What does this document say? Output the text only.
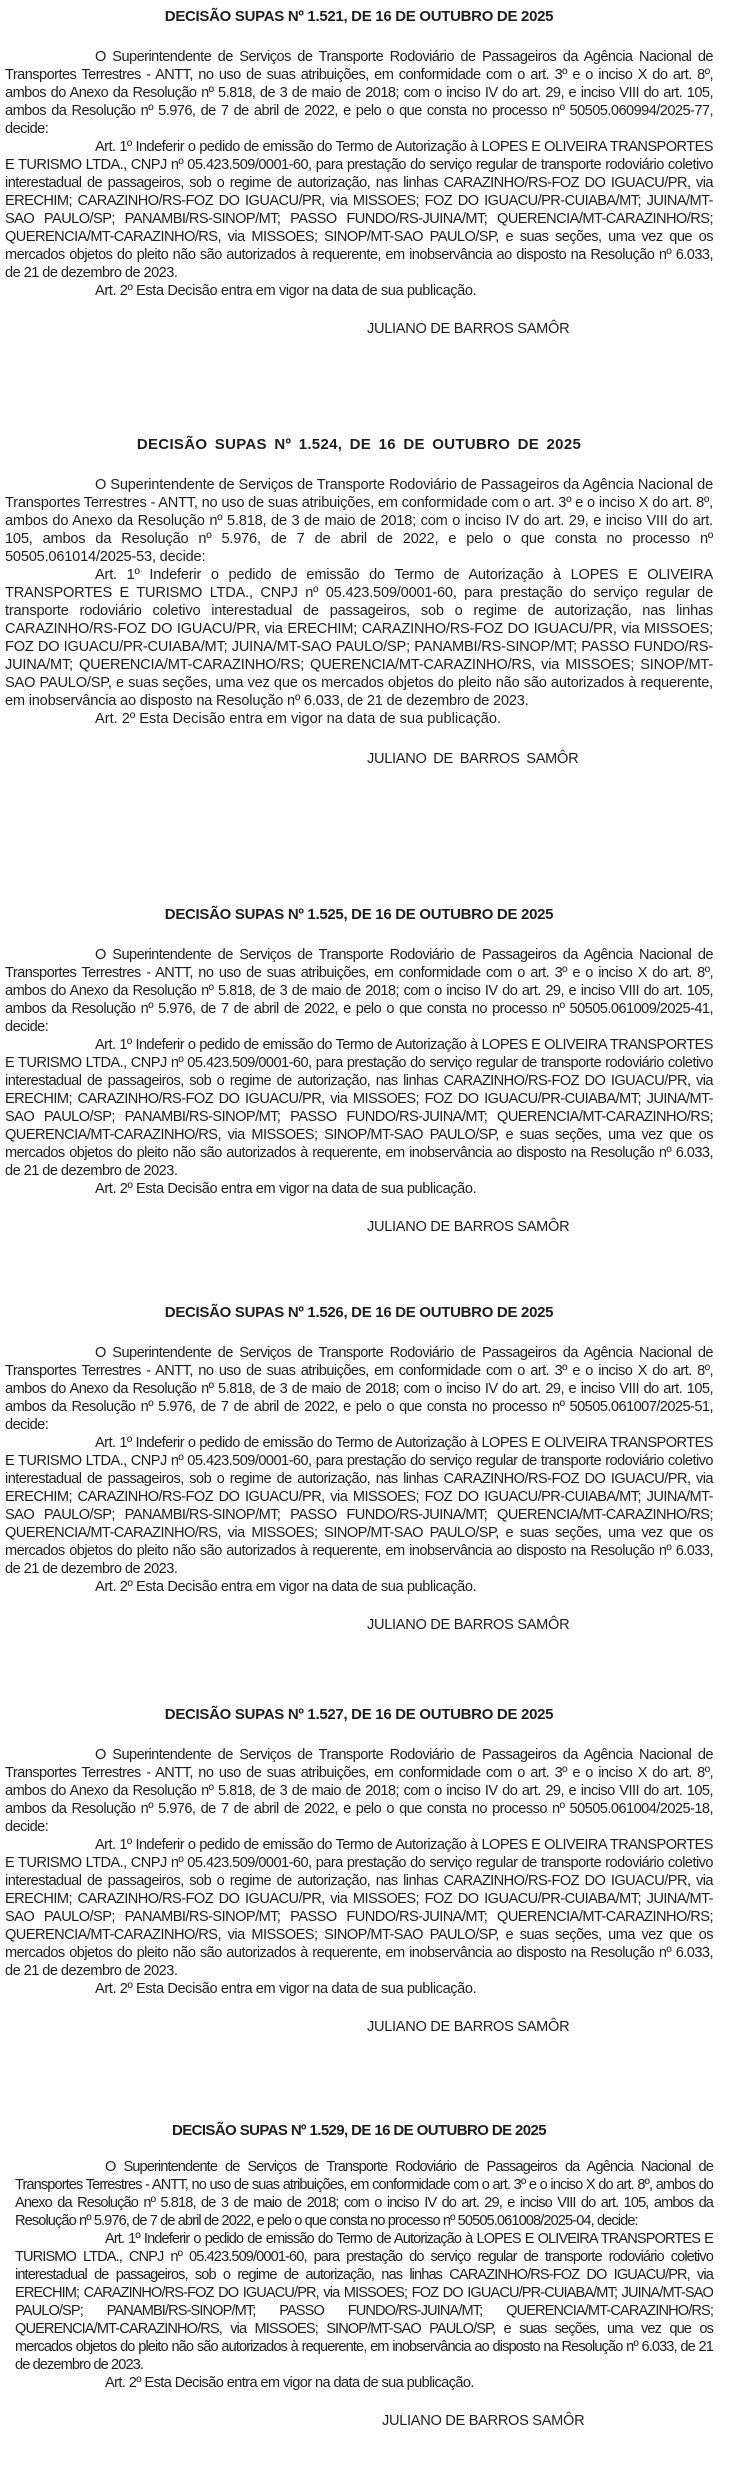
DECISÃO SUPAS Nº 1.521, DE 16 DE OUTUBRO DE 2025

O Superintendente de Serviços de Transporte Rodoviário de Passageiros da Agência Nacional de Transportes Terrestres - ANTT, no uso de suas atribuições, em conformidade com o art. 3º e o inciso X do art. 8º, ambos do Anexo da Resolução nº 5.818, de 3 de maio de 2018; com o inciso IV do art. 29, e inciso VIII do art. 105, ambos da Resolução nº 5.976, de 7 de abril de 2022, e pelo o que consta no processo nº 50505.060994/2025-77, decide:

Art. 1º Indeferir o pedido de emissão do Termo de Autorização à LOPES E OLIVEIRA TRANSPORTES E TURISMO LTDA., CNPJ nº 05.423.509/0001-60, para prestação do serviço regular de transporte rodoviário coletivo interestadual de passageiros, sob o regime de autorização, nas linhas CARAZINHO/RS-FOZ DO IGUACU/PR, via ERECHIM; CARAZINHO/RS-FOZ DO IGUACU/PR, via MISSOES; FOZ DO IGUACU/PR-CUIABA/MT; JUINA/MT-SAO PAULO/SP; PANAMBI/RS-SINOP/MT; PASSO FUNDO/RS-JUINA/MT; QUERENCIA/MT-CARAZINHO/RS; QUERENCIA/MT-CARAZINHO/RS, via MISSOES; SINOP/MT-SAO PAULO/SP, e suas seções, uma vez que os mercados objetos do pleito não são autorizados à requerente, em inobservância ao disposto na Resolução nº 6.033, de 21 de dezembro de 2023.

Art. 2º Esta Decisão entra em vigor na data de sua publicação.

JULIANO DE BARROS SAMÔR

DECISÃO SUPAS Nº 1.524, DE 16 DE OUTUBRO DE 2025

O Superintendente de Serviços de Transporte Rodoviário de Passageiros da Agência Nacional de Transportes Terrestres - ANTT, no uso de suas atribuições, em conformidade com o art. 3º e o inciso X do art. 8º, ambos do Anexo da Resolução nº 5.818, de 3 de maio de 2018; com o inciso IV do art. 29, e inciso VIII do art. 105, ambos da Resolução nº 5.976, de 7 de abril de 2022, e pelo o que consta no processo nº 50505.061014/2025-53, decide:

Art. 1º Indeferir o pedido de emissão do Termo de Autorização à LOPES E OLIVEIRA TRANSPORTES E TURISMO LTDA., CNPJ nº 05.423.509/0001-60, para prestação do serviço regular de transporte rodoviário coletivo interestadual de passageiros, sob o regime de autorização, nas linhas CARAZINHO/RS-FOZ DO IGUACU/PR, via ERECHIM; CARAZINHO/RS-FOZ DO IGUACU/PR, via MISSOES; FOZ DO IGUACU/PR-CUIABA/MT; JUINA/MT-SAO PAULO/SP; PANAMBI/RS-SINOP/MT; PASSO FUNDO/RS-JUINA/MT; QUERENCIA/MT-CARAZINHO/RS; QUERENCIA/MT-CARAZINHO/RS, via MISSOES; SINOP/MT-SAO PAULO/SP, e suas seções, uma vez que os mercados objetos do pleito não são autorizados à requerente, em inobservância ao disposto na Resolução nº 6.033, de 21 de dezembro de 2023.

Art. 2º Esta Decisão entra em vigor na data de sua publicação.

JULIANO DE BARROS SAMÔR

DECISÃO SUPAS Nº 1.525, DE 16 DE OUTUBRO DE 2025

O Superintendente de Serviços de Transporte Rodoviário de Passageiros da Agência Nacional de Transportes Terrestres - ANTT, no uso de suas atribuições, em conformidade com o art. 3º e o inciso X do art. 8º, ambos do Anexo da Resolução nº 5.818, de 3 de maio de 2018; com o inciso IV do art. 29, e inciso VIII do art. 105, ambos da Resolução nº 5.976, de 7 de abril de 2022, e pelo o que consta no processo nº 50505.061009/2025-41, decide:

Art. 1º Indeferir o pedido de emissão do Termo de Autorização à LOPES E OLIVEIRA TRANSPORTES E TURISMO LTDA., CNPJ nº 05.423.509/0001-60, para prestação do serviço regular de transporte rodoviário coletivo interestadual de passageiros, sob o regime de autorização, nas linhas CARAZINHO/RS-FOZ DO IGUACU/PR, via ERECHIM; CARAZINHO/RS-FOZ DO IGUACU/PR, via MISSOES; FOZ DO IGUACU/PR-CUIABA/MT; JUINA/MT-SAO PAULO/SP; PANAMBI/RS-SINOP/MT; PASSO FUNDO/RS-JUINA/MT; QUERENCIA/MT-CARAZINHO/RS; QUERENCIA/MT-CARAZINHO/RS, via MISSOES; SINOP/MT-SAO PAULO/SP, e suas seções, uma vez que os mercados objetos do pleito não são autorizados à requerente, em inobservância ao disposto na Resolução nº 6.033, de 21 de dezembro de 2023.

Art. 2º Esta Decisão entra em vigor na data de sua publicação.

JULIANO DE BARROS SAMÔR

DECISÃO SUPAS Nº 1.526, DE 16 DE OUTUBRO DE 2025

O Superintendente de Serviços de Transporte Rodoviário de Passageiros da Agência Nacional de Transportes Terrestres - ANTT, no uso de suas atribuições, em conformidade com o art. 3º e o inciso X do art. 8º, ambos do Anexo da Resolução nº 5.818, de 3 de maio de 2018; com o inciso IV do art. 29, e inciso VIII do art. 105, ambos da Resolução nº 5.976, de 7 de abril de 2022, e pelo o que consta no processo nº 50505.061007/2025-51, decide:

Art. 1º Indeferir o pedido de emissão do Termo de Autorização à LOPES E OLIVEIRA TRANSPORTES E TURISMO LTDA., CNPJ nº 05.423.509/0001-60, para prestação do serviço regular de transporte rodoviário coletivo interestadual de passageiros, sob o regime de autorização, nas linhas CARAZINHO/RS-FOZ DO IGUACU/PR, via ERECHIM; CARAZINHO/RS-FOZ DO IGUACU/PR, via MISSOES; FOZ DO IGUACU/PR-CUIABA/MT; JUINA/MT-SAO PAULO/SP; PANAMBI/RS-SINOP/MT; PASSO FUNDO/RS-JUINA/MT; QUERENCIA/MT-CARAZINHO/RS; QUERENCIA/MT-CARAZINHO/RS, via MISSOES; SINOP/MT-SAO PAULO/SP, e suas seções, uma vez que os mercados objetos do pleito não são autorizados à requerente, em inobservância ao disposto na Resolução nº 6.033, de 21 de dezembro de 2023.

Art. 2º Esta Decisão entra em vigor na data de sua publicação.

JULIANO DE BARROS SAMÔR

DECISÃO SUPAS Nº 1.527, DE 16 DE OUTUBRO DE 2025

O Superintendente de Serviços de Transporte Rodoviário de Passageiros da Agência Nacional de Transportes Terrestres - ANTT, no uso de suas atribuições, em conformidade com o art. 3º e o inciso X do art. 8º, ambos do Anexo da Resolução nº 5.818, de 3 de maio de 2018; com o inciso IV do art. 29, e inciso VIII do art. 105, ambos da Resolução nº 5.976, de 7 de abril de 2022, e pelo o que consta no processo nº 50505.061004/2025-18, decide:

Art. 1º Indeferir o pedido de emissão do Termo de Autorização à LOPES E OLIVEIRA TRANSPORTES E TURISMO LTDA., CNPJ nº 05.423.509/0001-60, para prestação do serviço regular de transporte rodoviário coletivo interestadual de passageiros, sob o regime de autorização, nas linhas CARAZINHO/RS-FOZ DO IGUACU/PR, via ERECHIM; CARAZINHO/RS-FOZ DO IGUACU/PR, via MISSOES; FOZ DO IGUACU/PR-CUIABA/MT; JUINA/MT-SAO PAULO/SP; PANAMBI/RS-SINOP/MT; PASSO FUNDO/RS-JUINA/MT; QUERENCIA/MT-CARAZINHO/RS; QUERENCIA/MT-CARAZINHO/RS, via MISSOES; SINOP/MT-SAO PAULO/SP, e suas seções, uma vez que os mercados objetos do pleito não são autorizados à requerente, em inobservância ao disposto na Resolução nº 6.033, de 21 de dezembro de 2023.

Art. 2º Esta Decisão entra em vigor na data de sua publicação.

JULIANO DE BARROS SAMÔR

DECISÃO SUPAS Nº 1.529, DE 16 DE OUTUBRO DE 2025

O Superintendente de Serviços de Transporte Rodoviário de Passageiros da Agência Nacional de Transportes Terrestres - ANTT, no uso de suas atribuições, em conformidade com o art. 3º e o inciso X do art. 8º, ambos do Anexo da Resolução nº 5.818, de 3 de maio de 2018; com o inciso IV do art. 29, e inciso VIII do art. 105, ambos da Resolução nº 5.976, de 7 de abril de 2022, e pelo o que consta no processo nº 50505.061008/2025-04, decide:

Art. 1º Indeferir o pedido de emissão do Termo de Autorização à LOPES E OLIVEIRA TRANSPORTES E TURISMO LTDA., CNPJ nº 05.423.509/0001-60, para prestação do serviço regular de transporte rodoviário coletivo interestadual de passageiros, sob o regime de autorização, nas linhas CARAZINHO/RS-FOZ DO IGUACU/PR, via ERECHIM; CARAZINHO/RS-FOZ DO IGUACU/PR, via MISSOES; FOZ DO IGUACU/PR-CUIABA/MT; JUINA/MT-SAO PAULO/SP; PANAMBI/RS-SINOP/MT; PASSO FUNDO/RS-JUINA/MT; QUERENCIA/MT-CARAZINHO/RS; QUERENCIA/MT-CARAZINHO/RS, via MISSOES; SINOP/MT-SAO PAULO/SP, e suas seções, uma vez que os mercados objetos do pleito não são autorizados à requerente, em inobservância ao disposto na Resolução nº 6.033, de 21 de dezembro de 2023.

Art. 2º Esta Decisão entra em vigor na data de sua publicação.

JULIANO DE BARROS SAMÔR
